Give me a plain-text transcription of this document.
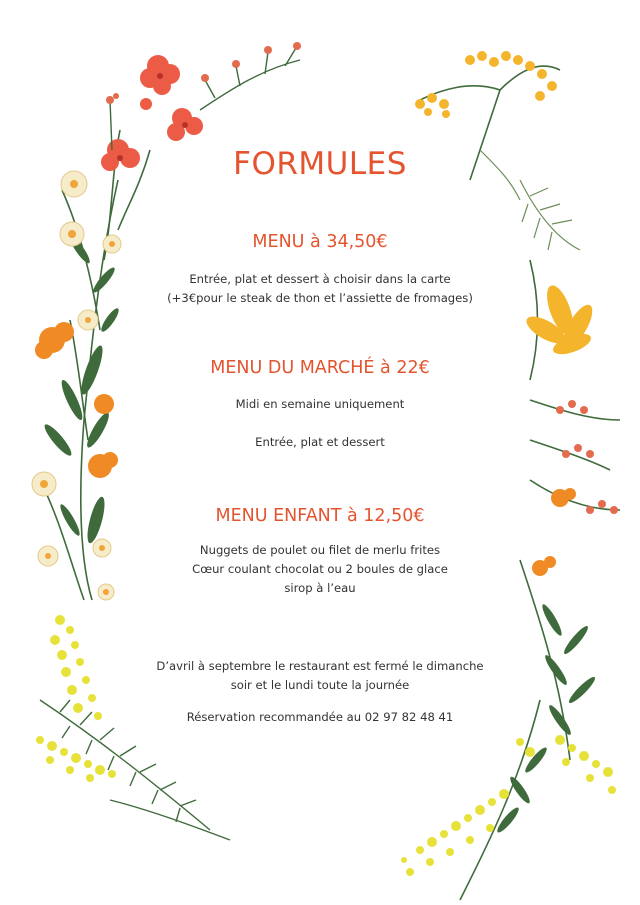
FORMULES
MENU à 34,50€
Entrée, plat et dessert à choisir dans la carte
(+3€pour le steak de thon et l’assiette de fromages)
MENU DU MARCHÉ à 22€
Midi en semaine uniquement
Entrée, plat et dessert
MENU ENFANT à 12,50€
Nuggets de poulet ou filet de merlu frites
Cœur coulant chocolat ou 2 boules de glace
sirop à l’eau
D’avril à septembre le restaurant est fermé le dimanche
soir et le lundi toute la journée
Réservation recommandée au 02 97 82 48 41
